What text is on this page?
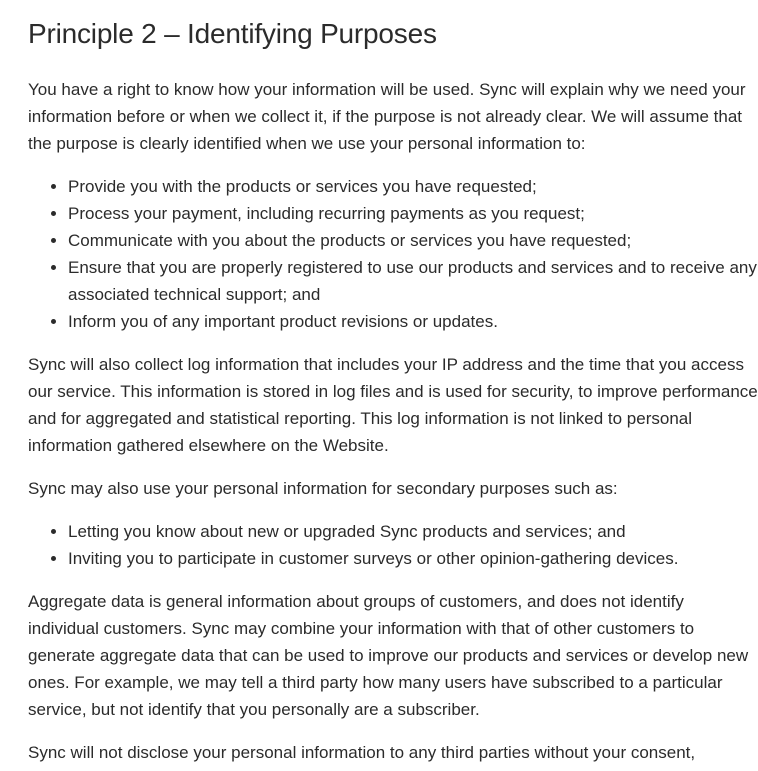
Principle 2 – Identifying Purposes

You have a right to know how your information will be used. Sync will explain why we need your information before or when we collect it, if the purpose is not already clear. We will assume that the purpose is clearly identified when we use your personal information to:

• Provide you with the products or services you have requested;
• Process your payment, including recurring payments as you request;
• Communicate with you about the products or services you have requested;
• Ensure that you are properly registered to use our products and services and to receive any associated technical support; and
• Inform you of any important product revisions or updates.

Sync will also collect log information that includes your IP address and the time that you access our service. This information is stored in log files and is used for security, to improve performance and for aggregated and statistical reporting. This log information is not linked to personal information gathered elsewhere on the Website.

Sync may also use your personal information for secondary purposes such as:

• Letting you know about new or upgraded Sync products and services; and
• Inviting you to participate in customer surveys or other opinion-gathering devices.

Aggregate data is general information about groups of customers, and does not identify individual customers. Sync may combine your information with that of other customers to generate aggregate data that can be used to improve our products and services or develop new ones. For example, we may tell a third party how many users have subscribed to a particular service, but not identify that you personally are a subscriber.

Sync will not disclose your personal information to any third parties without your consent,
